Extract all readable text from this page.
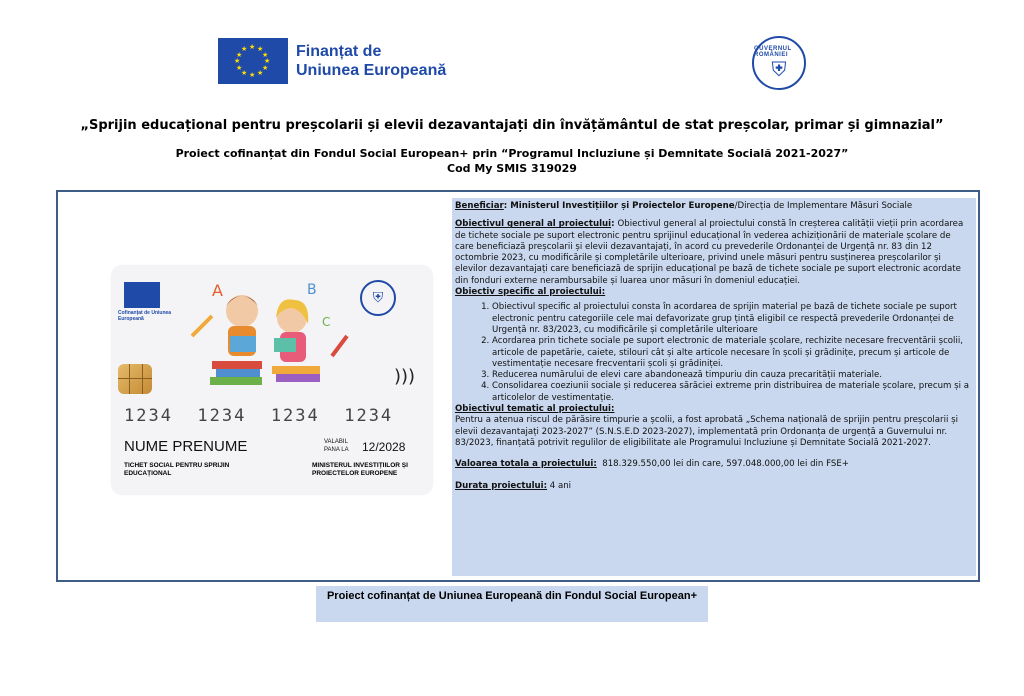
★ ★
★
★
★
★
★
★
★
★
★
★	Finanțat de
Uniunea Europeană
GUVERNUL ROMÂNIEI
⛨
„Sprijin educațional pentru preșcolarii și elevii dezavantajați din învățământul de stat preșcolar, primar și gimnazial”
Proiect cofinanțat din Fondul Social European+ prin “Programul Incluziune și Demnitate Socială 2021-2027”
Cod My SMIS 319029
Cofinanțat de Uniunea Europeană
A	B
C
⛨
)))
1234  1234  1234  1234
NUME PRENUME	VALABIL PANA LA	12/2028
TICHET SOCIAL PENTRU SPRIJIN EDUCAȚIONAL
MINISTERUL INVESTIȚIILOR ȘI PROIECTELOR EUROPENE

Beneficiar: Ministerul Investițiilor și Proiectelor Europene/Direcția de Implementare Măsuri Sociale

Obiectivul general al proiectului: Obiectivul general al proiectului constă în creșterea calității vieții prin acordarea de tichete sociale pe suport electronic pentru sprijinul educațional în vederea achiziționării de materiale școlare de care beneficiază preșcolarii și elevii dezavantajați, în acord cu prevederile Ordonanței de Urgență nr. 83 din 12 octombrie 2023, cu modificările și completările ulterioare, privind unele măsuri pentru susținerea preșcolarilor și elevilor dezavantajați care beneficiază de sprijin educațional pe bază de tichete sociale pe suport electronic acordate din fonduri externe nerambursabile și luarea unor măsuri în domeniul educației.

Obiectiv specific al proiectului:

1. Obiectivul specific al proiectului consta în acordarea de sprijin material pe bază de tichete sociale pe suport electronic pentru categoriile cele mai defavorizate grup țintă eligibil ce respectă prevederile Ordonanței de Urgență nr. 83/2023, cu modificările și completările ulterioare
2. Acordarea prin tichete sociale pe suport electronic de materiale școlare, rechizite necesare frecventării școlii, articole de papetărie, caiete, stilouri cât și alte articole necesare în școli și grădinițe, precum și articole de vestimentație necesare frecventarii școli și grădiniței.
3. Reducerea numărului de elevi care abandonează timpuriu din cauza precarității materiale.
4. Consolidarea coeziunii sociale și reducerea sărăciei extreme prin distribuirea de materiale școlare, precum și a articolelor de vestimentație.

Obiectivul tematic al proiectului:
Pentru a atenua riscul de părăsire timpurie a școlii, a fost aprobată „Schema națională de sprijin pentru preșcolarii și elevii dezavantajați 2023-2027” (S.N.S.E.D 2023-2027), implementată prin Ordonanța de urgență a Guvernului nr. 83/2023, finanțată potrivit regulilor de eligibilitate ale Programului Incluziune și Demnitate Socială 2021-2027.

Valoarea totala a proiectului: 818.329.550,00 lei din care, 597.048.000,00 lei din FSE+

Durata proiectului: 4 ani

Proiect cofinanțat de Uniunea Europeană din Fondul Social European+
